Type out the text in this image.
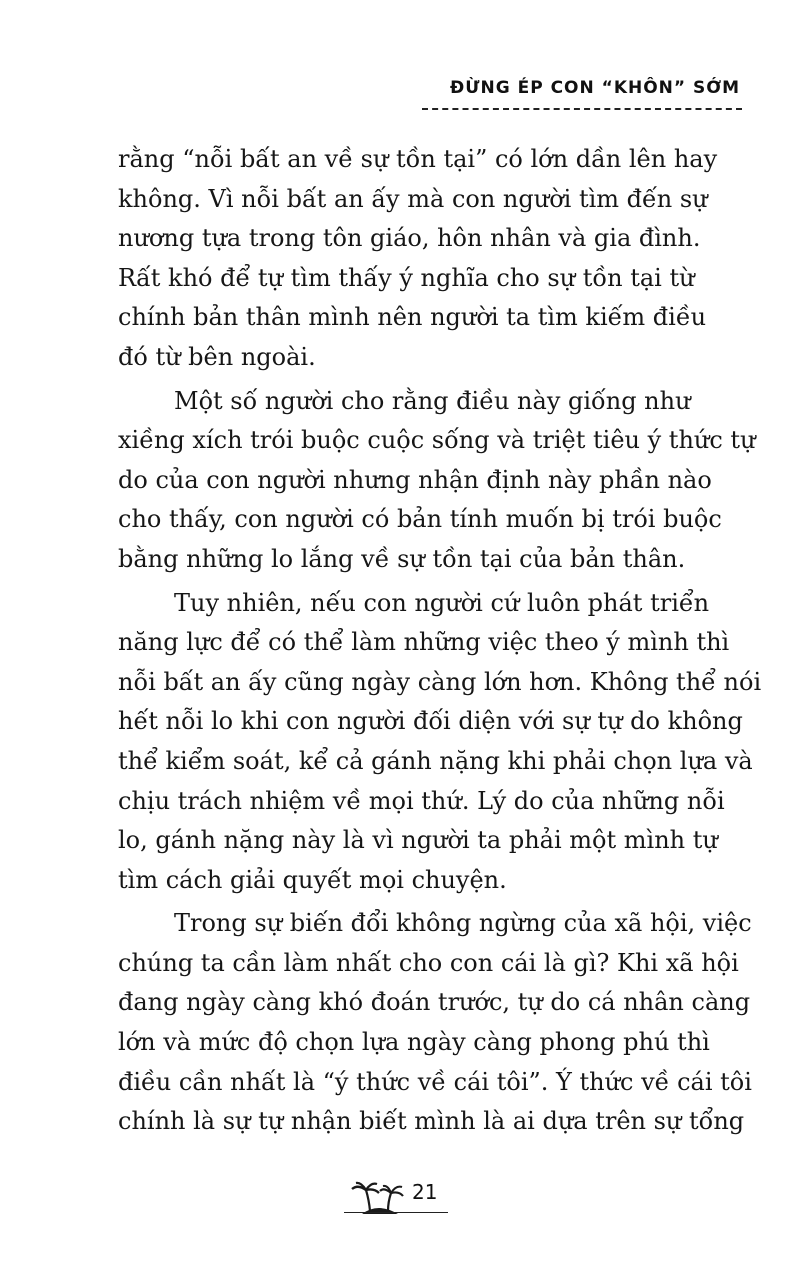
ĐỪNG ÉP CON “KHÔN” SỚM
rằng “nỗi bất an về sự tồn tại” có lớn dần lên hay
không. Vì nỗi bất an ấy mà con người tìm đến sự
nương tựa trong tôn giáo, hôn nhân và gia đình.
Rất khó để tự tìm thấy ý nghĩa cho sự tồn tại từ
chính bản thân mình nên người ta tìm kiếm điều
đó từ bên ngoài.
Một số người cho rằng điều này giống như
xiềng xích trói buộc cuộc sống và triệt tiêu ý thức tự
do của con người nhưng nhận định này phần nào
cho thấy, con người có bản tính muốn bị trói buộc
bằng những lo lắng về sự tồn tại của bản thân.
Tuy nhiên, nếu con người cứ luôn phát triển
năng lực để có thể làm những việc theo ý mình thì
nỗi bất an ấy cũng ngày càng lớn hơn. Không thể nói
hết nỗi lo khi con người đối diện với sự tự do không
thể kiểm soát, kể cả gánh nặng khi phải chọn lựa và
chịu trách nhiệm về mọi thứ. Lý do của những nỗi
lo, gánh nặng này là vì người ta phải một mình tự
tìm cách giải quyết mọi chuyện.
Trong sự biến đổi không ngừng của xã hội, việc
chúng ta cần làm nhất cho con cái là gì? Khi xã hội
đang ngày càng khó đoán trước, tự do cá nhân càng
lớn và mức độ chọn lựa ngày càng phong phú thì
điều cần nhất là “ý thức về cái tôi”. Ý thức về cái tôi
chính là sự tự nhận biết mình là ai dựa trên sự tổng
21
